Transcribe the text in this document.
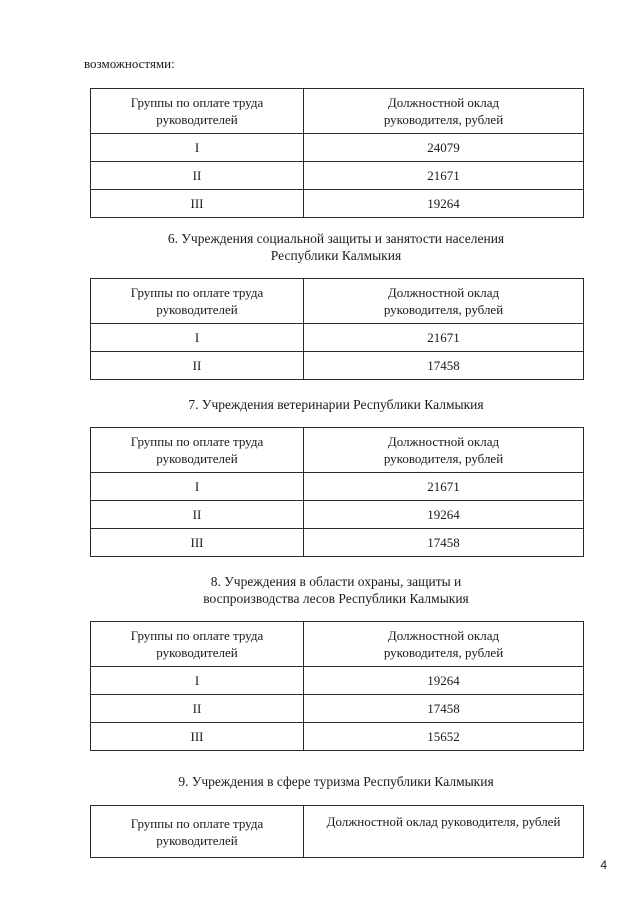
возможностями:
Группы по оплате труда
руководителей	Должностной оклад
руководителя, рублей
I	24079
II	21671
III	19264
6. Учреждения социальной защиты и занятости населения
Республики Калмыкия
Группы по оплате труда
руководителей	Должностной оклад
руководителя, рублей
I	21671
II	17458
7. Учреждения ветеринарии Республики Калмыкия
Группы по оплате труда
руководителей	Должностной оклад
руководителя, рублей
I	21671
II	19264
III	17458
8. Учреждения в области охраны, защиты и
воспроизводства лесов Республики Калмыкия
Группы по оплате труда
руководителей	Должностной оклад
руководителя, рублей
I	19264
II	17458
III	15652
9. Учреждения в сфере туризма Республики Калмыкия
Группы по оплате труда
руководителей	Должностной оклад руководителя, рублей
4
